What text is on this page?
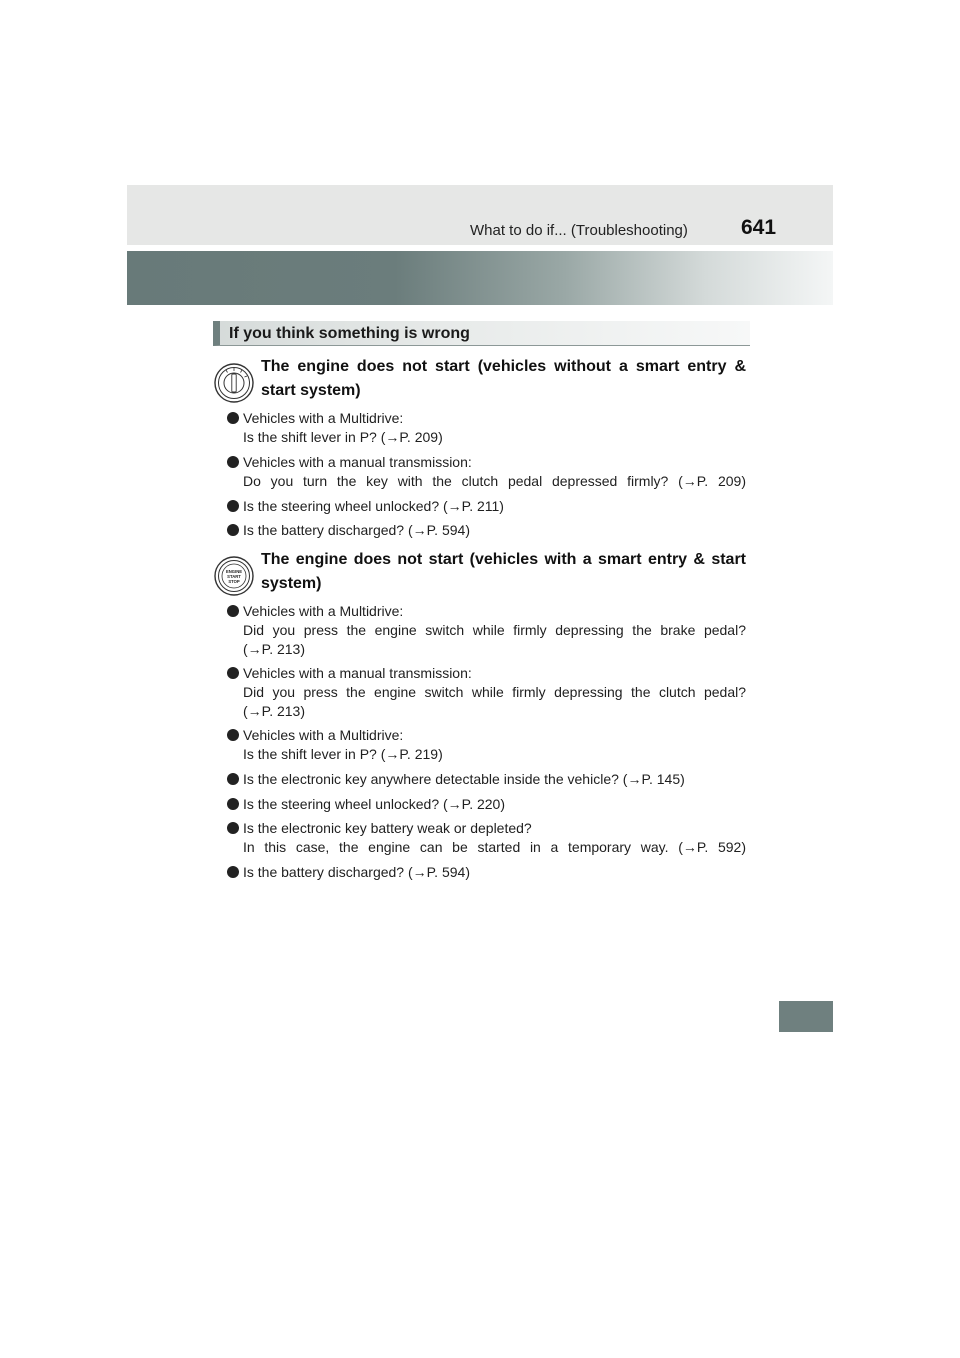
What to do if... (Troubleshooting)	641
If you think something is wrong
The engine does not start (vehicles without a smart entry & start system)
Vehicles with a Multidrive:
Is the shift lever in P? (→P. 209)
Vehicles with a manual transmission:
Do you turn the key with the clutch pedal depressed firmly? (→P. 209)
Is the steering wheel unlocked? (→P. 211)
Is the battery discharged? (→P. 594)
Vehicles with a Multidrive:
Did you press the engine switch while firmly depressing the brake pedal?
(→P. 213)
Vehicles with a manual transmission:
Did you press the engine switch while firmly depressing the clutch pedal?
(→P. 213)
Vehicles with a Multidrive:
Is the shift lever in P? (→P. 219)
Is the electronic key anywhere detectable inside the vehicle? (→P. 145)
Is the steering wheel unlocked? (→P. 220)
Is the electronic key battery weak or depleted?
In this case, the engine can be started in a temporary way. (→P. 592)
Is the battery discharged? (→P. 594)
ENGINE
START
STOP
The engine does not start (vehicles with a smart entry & start system)
